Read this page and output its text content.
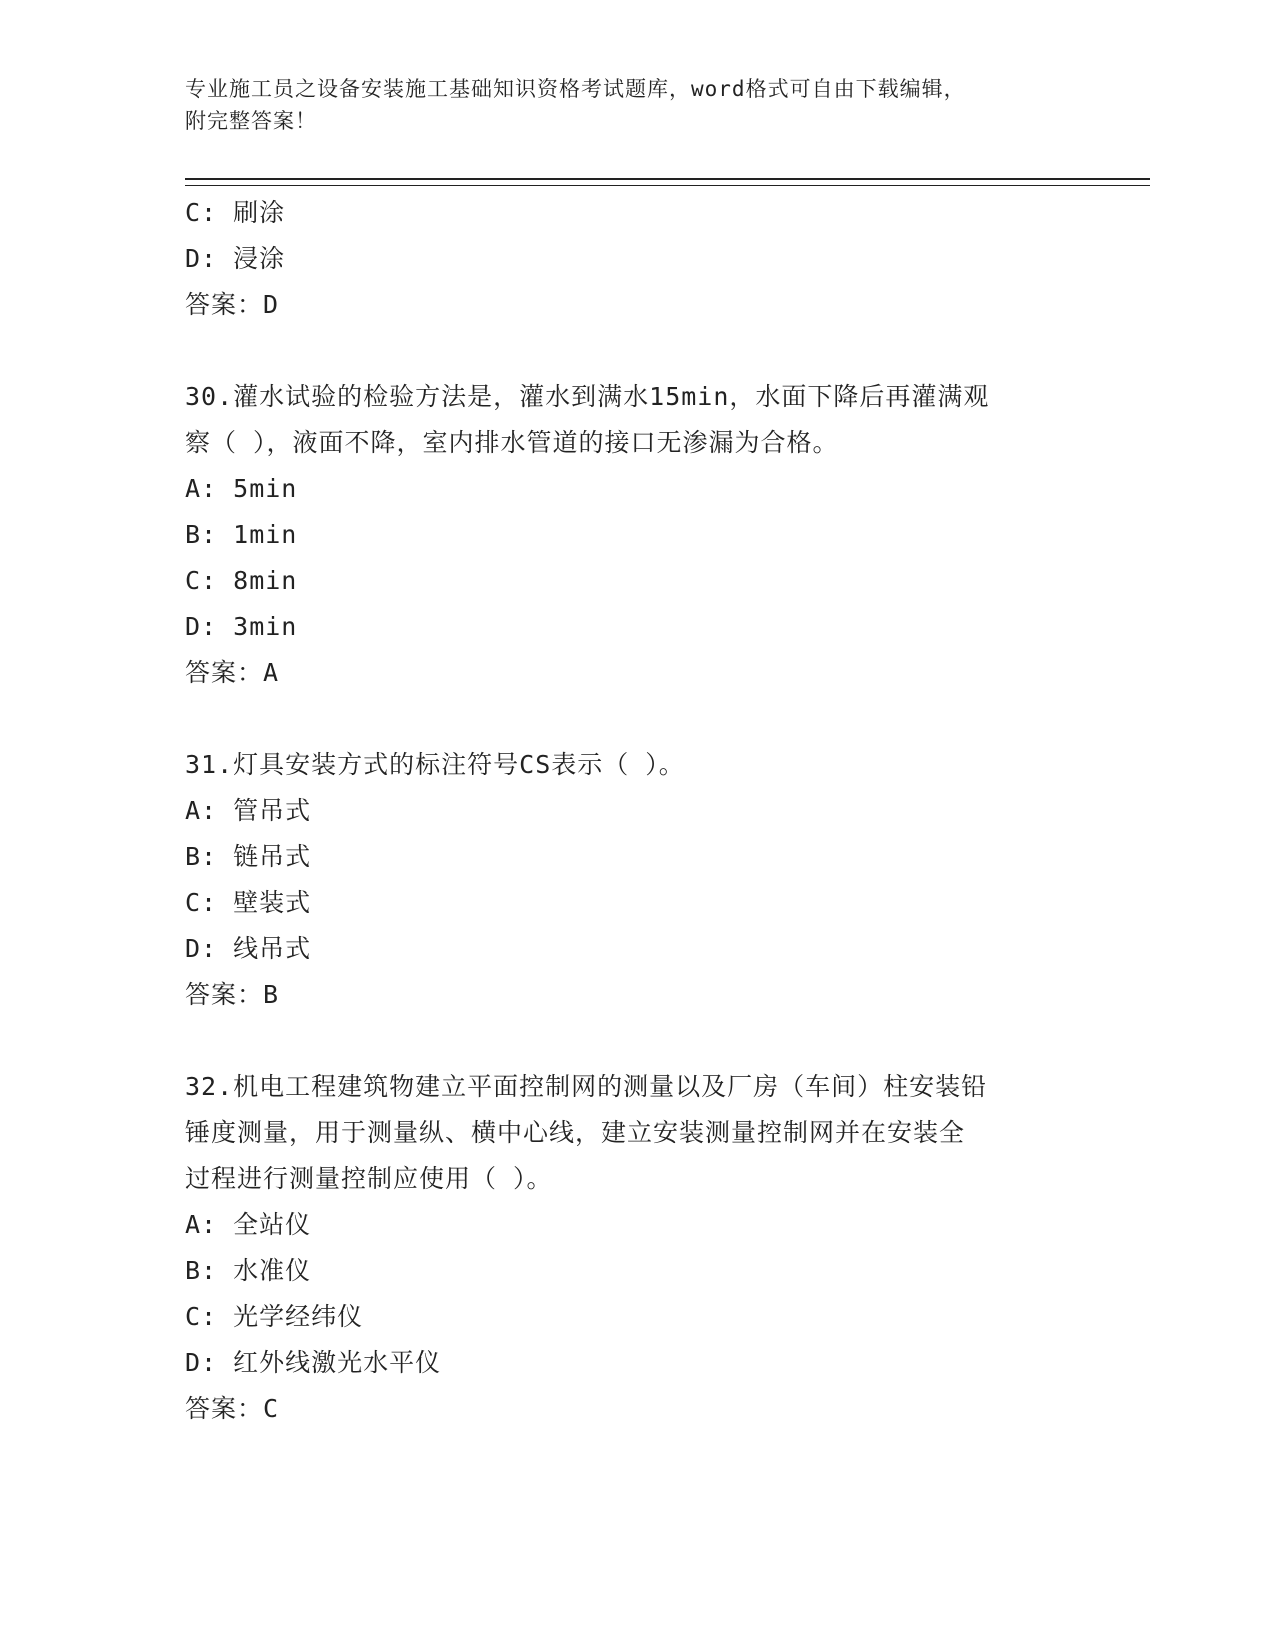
专业施工员之设备安装施工基础知识资格考试题库，word格式可自由下载编辑，
附完整答案！
C: 刷涂
D: 浸涂
答案：D
30.灌水试验的检验方法是，灌水到满水15min，水面下降后再灌满观
察（ ），液面不降，室内排水管道的接口无渗漏为合格。
A: 5min
B: 1min
C: 8min
D: 3min
答案：A
31.灯具安装方式的标注符号CS表示（ ）。
A: 管吊式
B: 链吊式
C: 壁装式
D: 线吊式
答案：B
32.机电工程建筑物建立平面控制网的测量以及厂房（车间）柱安装铅
锤度测量，用于测量纵、横中心线，建立安装测量控制网并在安装全
过程进行测量控制应使用（ ）。
A: 全站仪
B: 水准仪
C: 光学经纬仪
D: 红外线激光水平仪
答案：C
